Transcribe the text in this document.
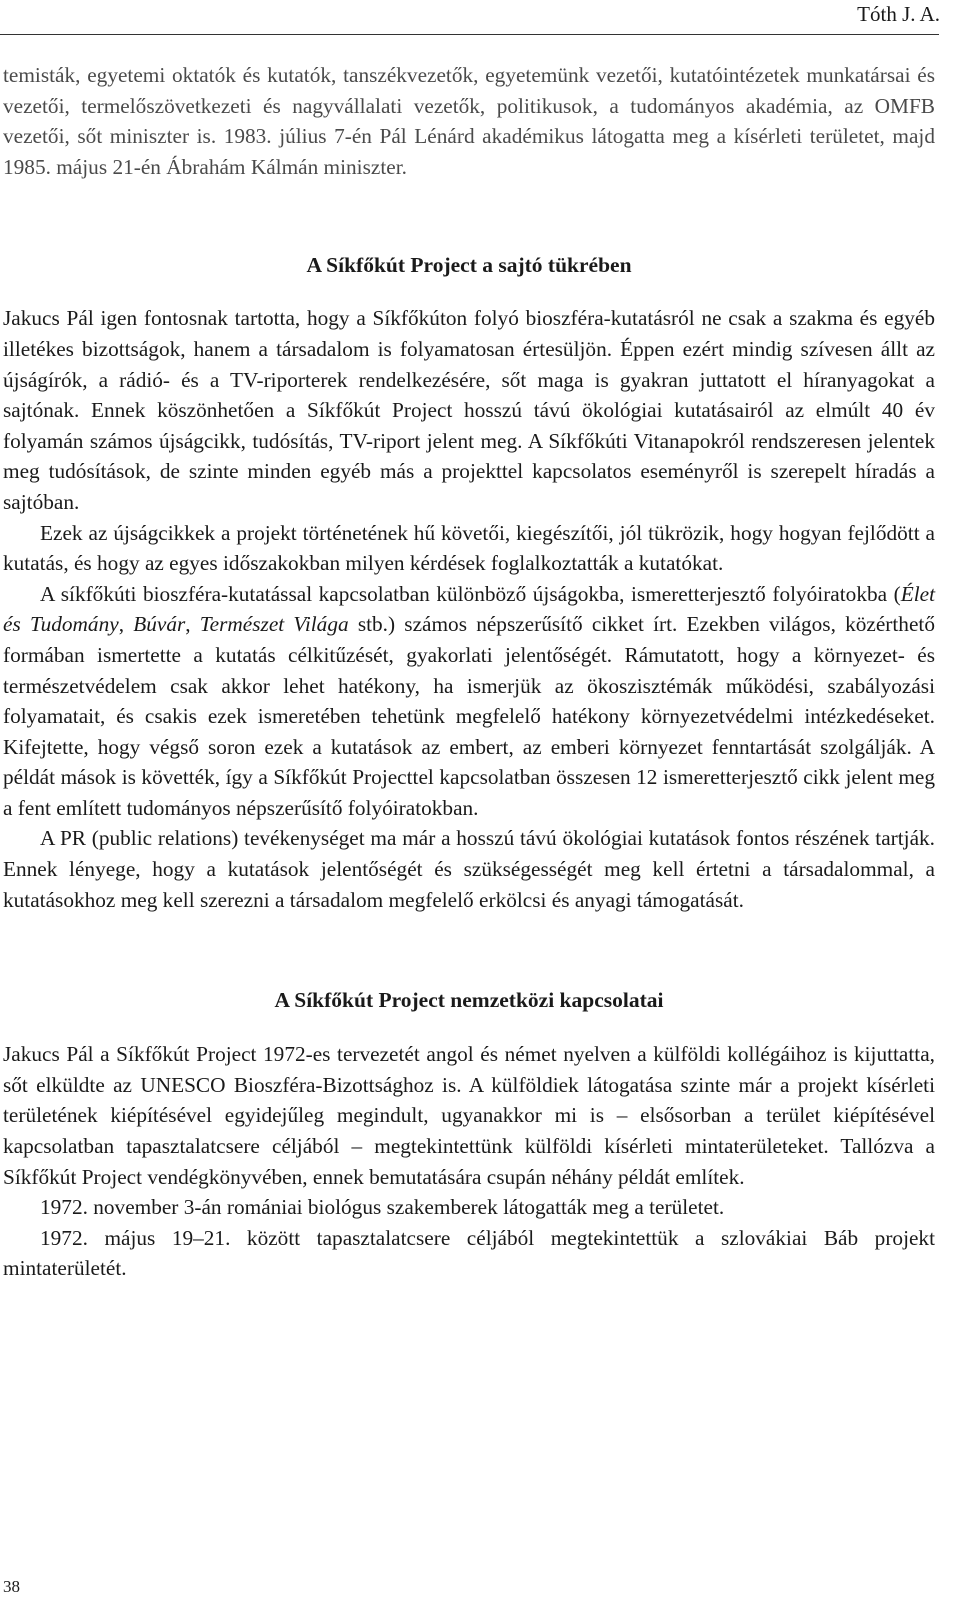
Tóth J. A.

temisták, egyetemi oktatók és kutatók, tanszékvezetők, egyetemünk vezetői, kutatóintézetek munkatársai és vezetői, termelőszövetkezeti és nagyvállalati vezetők, politikusok, a tudományos akadémia, az OMFB vezetői, sőt miniszter is. 1983. július 7-én Pál Lénárd akadémikus látogatta meg a kísérleti területet, majd 1985. május 21-én Ábrahám Kálmán miniszter.

A Síkfőkút Project a sajtó tükrében

Jakucs Pál igen fontosnak tartotta, hogy a Síkfőkúton folyó bioszféra-kutatásról ne csak a szakma és egyéb illetékes bizottságok, hanem a társadalom is folyamatosan értesüljön. Éppen ezért mindig szívesen állt az újságírók, a rádió- és a TV-riporterek rendelkezésére, sőt maga is gyakran juttatott el híranyagokat a sajtónak. Ennek köszönhetően a Síkfőkút Project hosszú távú ökológiai kutatásairól az elmúlt 40 év folyamán számos újságcikk, tudósítás, TV-riport jelent meg. A Síkfőkúti Vitanapokról rendszeresen jelentek meg tudósítások, de szinte minden egyéb más a projekttel kapcsolatos eseményről is szerepelt híradás a sajtóban.

Ezek az újságcikkek a projekt történetének hű követői, kiegészítői, jól tükrözik, hogy hogyan fejlődött a kutatás, és hogy az egyes időszakokban milyen kérdések foglalkoztatták a kutatókat.

A síkfőkúti bioszféra-kutatással kapcsolatban különböző újságokba, ismeretterjesztő folyóiratokba (Élet és Tudomány, Búvár, Természet Világa stb.) számos népszerűsítő cikket írt. Ezekben világos, közérthető formában ismertette a kutatás célkitűzését, gyakorlati jelentőségét. Rámutatott, hogy a környezet- és természetvédelem csak akkor lehet hatékony, ha ismerjük az ökoszisztémák működési, szabályozási folyamatait, és csakis ezek ismeretében tehetünk megfelelő hatékony környezetvédelmi intézkedéseket. Kifejtette, hogy végső soron ezek a kutatások az embert, az emberi környezet fenntartását szolgálják. A példát mások is követték, így a Síkfőkút Projecttel kapcsolatban összesen 12 ismeretterjesztő cikk jelent meg a fent említett tudományos népszerűsítő folyóiratokban.

A PR (public relations) tevékenységet ma már a hosszú távú ökológiai kutatások fontos részének tartják. Ennek lényege, hogy a kutatások jelentőségét és szükségességét meg kell értetni a társadalommal, a kutatásokhoz meg kell szerezni a társadalom megfelelő erkölcsi és anyagi támogatását.

A Síkfőkút Project nemzetközi kapcsolatai

Jakucs Pál a Síkfőkút Project 1972-es tervezetét angol és német nyelven a külföldi kollégáihoz is kijuttatta, sőt elküldte az UNESCO Bioszféra-Bizottsághoz is. A külföldiek látogatása szinte már a projekt kísérleti területének kiépítésével egyidejűleg megindult, ugyanakkor mi is – elsősorban a terület kiépítésével kapcsolatban tapasztalatcsere céljából – megtekintettünk külföldi kísérleti mintaterületeket. Tallózva a Síkfőkút Project vendégkönyvében, ennek bemutatására csupán néhány példát említek.

1972. november 3-án romániai biológus szakemberek látogatták meg a területet.

1972. május 19–21. között tapasztalatcsere céljából megtekintettük a szlovákiai Báb projekt mintaterületét.

38
